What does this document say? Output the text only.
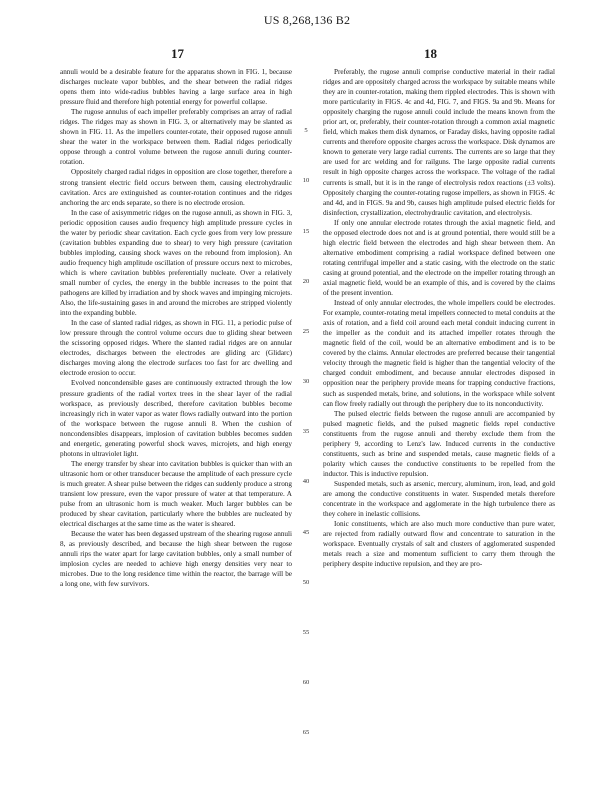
US 8,268,136 B2
17	18

annuli would be a desirable feature for the apparatus shown in FIG. 1, because discharges nucleate vapor bubbles, and the shear between the radial ridges opens them into wide-radius bubbles having a large surface area in high pressure fluid and therefore high potential energy for powerful collapse.

The rugose annulus of each impeller preferably comprises an array of radial ridges. The ridges may as shown in FIG. 3, or alternatively may be slanted as shown in FIG. 11. As the impellers counter-rotate, their opposed rugose annuli shear the water in the workspace between them. Radial ridges periodically oppose through a control volume between the rugose annuli during counter-rotation.

Oppositely charged radial ridges in opposition are close together, therefore a strong transient electric field occurs between them, causing electrohydraulic cavitation. Arcs are extinguished as counter-rotation continues and the ridges anchoring the arc ends separate, so there is no electrode erosion.

In the case of axisymmetric ridges on the rugose annuli, as shown in FIG. 3, periodic opposition causes audio frequency high amplitude pressure cycles in the water by periodic shear cavitation. Each cycle goes from very low pressure (cavitation bubbles expanding due to shear) to very high pressure (cavitation bubbles imploding, causing shock waves on the rebound from implosion). An audio frequency high amplitude oscillation of pressure occurs next to microbes, which is where cavitation bubbles preferentially nucleate. Over a relatively small number of cycles, the energy in the bubble increases to the point that pathogens are killed by irradiation and by shock waves and impinging microjets. Also, the life-sustaining gases in and around the microbes are stripped violently into the expanding bubble.

In the case of slanted radial ridges, as shown in FIG. 11, a periodic pulse of low pressure through the control volume occurs due to gliding shear between the scissoring opposed ridges. Where the slanted radial ridges are on annular electrodes, discharges between the electrodes are gliding arc (Glidarc) discharges moving along the electrode surfaces too fast for arc dwelling and electrode erosion to occur.

Evolved noncondensible gases are continuously extracted through the low pressure gradients of the radial vortex trees in the shear layer of the radial workspace, as previously described, therefore cavitation bubbles become increasingly rich in water vapor as water flows radially outward into the portion of the workspace between the rugose annuli 8. When the cushion of noncondensibles disappears, implosion of cavitation bubbles becomes sudden and energetic, generating powerful shock waves, microjets, and high energy photons in ultraviolet light.

The energy transfer by shear into cavitation bubbles is quicker than with an ultrasonic horn or other transducer because the amplitude of each pressure cycle is much greater. A shear pulse between the ridges can suddenly produce a strong transient low pressure, even the vapor pressure of water at that temperature. A pulse from an ultrasonic horn is much weaker. Much larger bubbles can be produced by shear cavitation, particularly where the bubbles are nucleated by electrical discharges at the same time as the water is sheared.

Because the water has been degassed upstream of the shearing rugose annuli 8, as previously described, and because the high shear between the rugose annuli rips the water apart for large cavitation bubbles, only a small number of implosion cycles are needed to achieve high energy densities very near to microbes. Due to the long residence time within the reactor, the barrage will be a long one, with few survivors.

5
10
15
20
25
30
35
40
45
50
55
60
65

Preferably, the rugose annuli comprise conductive material in their radial ridges and are oppositely charged across the workspace by suitable means while they are in counter-rotation, making them rippled electrodes. This is shown with more particularity in FIGS. 4c and 4d, FIG. 7, and FIGS. 9a and 9b. Means for oppositely charging the rugose annuli could include the means known from the prior art, or, preferably, their counter-rotation through a common axial magnetic field, which makes them disk dynamos, or Faraday disks, having opposite radial currents and therefore opposite charges across the workspace. Disk dynamos are known to generate very large radial currents. The currents are so large that they are used for arc welding and for railguns. The large opposite radial currents result in high opposite charges across the workspace. The voltage of the radial currents is small, but it is in the range of electrolysis redox reactions (±3 volts). Oppositely charging the counter-rotating rugose impellers, as shown in FIGS. 4c and 4d, and in FIGS. 9a and 9b, causes high amplitude pulsed electric fields for disinfection, crystallization, electrohydraulic cavitation, and electrolysis.

If only one annular electrode rotates through the axial magnetic field, and the opposed electrode does not and is at ground potential, there would still be a high electric field between the electrodes and high shear between them. An alternative embodiment comprising a radial workspace defined between one rotating centrifugal impeller and a static casing, with the electrode on the static casing at ground potential, and the electrode on the impeller rotating through an axial magnetic field, would be an example of this, and is covered by the claims of the present invention.

Instead of only annular electrodes, the whole impellers could be electrodes. For example, counter-rotating metal impellers connected to metal conduits at the axis of rotation, and a field coil around each metal conduit inducing current in the impeller as the conduit and its attached impeller rotates through the magnetic field of the coil, would be an alternative embodiment and is to be covered by the claims. Annular electrodes are preferred because their tangential velocity through the magnetic field is higher than the tangential velocity of the charged conduit embodiment, and because annular electrodes disposed in opposition near the periphery provide means for trapping conductive fractions, such as suspended metals, brine, and solutions, in the workspace while solvent can flow freely radially out through the periphery due to its nonconductivity.

The pulsed electric fields between the rugose annuli are accompanied by pulsed magnetic fields, and the pulsed magnetic fields repel conductive constituents from the rugose annuli and thereby exclude them from the periphery 9, according to Lenz's law. Induced currents in the conductive constituents, such as brine and suspended metals, cause magnetic fields of a polarity which causes the conductive constituents to be repelled from the inductor. This is inductive repulsion.

Suspended metals, such as arsenic, mercury, aluminum, iron, lead, and gold are among the conductive constituents in water. Suspended metals therefore concentrate in the workspace and agglomerate in the high turbulence there as they cohere in inelastic collisions.

Ionic constituents, which are also much more conductive than pure water, are rejected from radially outward flow and concentrate to saturation in the workspace. Eventually crystals of salt and clusters of agglomerated suspended metals reach a size and momentum sufficient to carry them through the periphery despite inductive repulsion, and they are pro-
